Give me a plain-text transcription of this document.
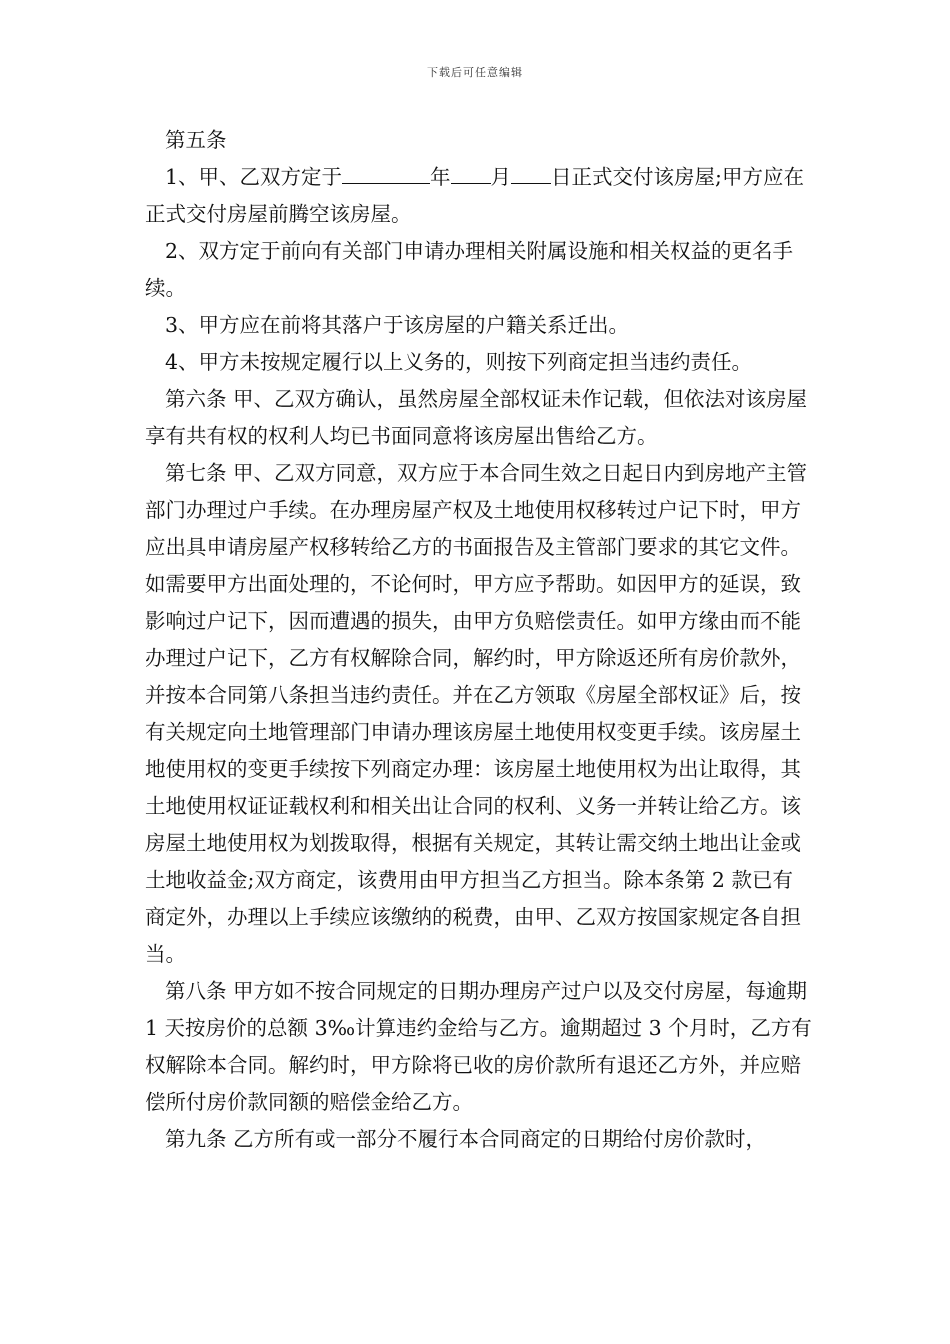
下载后可任意编辑

第五条

1、甲、乙双方定于	年 月 日正式交付该房屋;甲方应在正式交付房屋前腾空该房屋。

2、双方定于前向有关部门申请办理相关附属设施和相关权益的更名手续。

3、甲方应在前将其落户于该房屋的户籍关系迁出。

4、甲方未按规定履行以上义务的，则按下列商定担当违约责任。

第六条 甲、乙双方确认，虽然房屋全部权证未作记载，但依法对该房屋享有共有权的权利人均已书面同意将该房屋出售给乙方。

第七条 甲、乙双方同意，双方应于本合同生效之日起日内到房地产主管部门办理过户手续。在办理房屋产权及土地使用权移转过户记下时，甲方应出具申请房屋产权移转给乙方的书面报告及主管部门要求的其它文件。如需要甲方出面处理的，不论何时，甲方应予帮助。如因甲方的延误，致影响过户记下，因而遭遇的损失，由甲方负赔偿责任。如甲方缘由而不能办理过户记下，乙方有权解除合同，解约时，甲方除返还所有房价款外，并按本合同第八条担当违约责任。并在乙方领取《房屋全部权证》后，按有关规定向土地管理部门申请办理该房屋土地使用权变更手续。该房屋土地使用权的变更手续按下列商定办理：该房屋土地使用权为出让取得，其土地使用权证证载权利和相关出让合同的权利、义务一并转让给乙方。该房屋土地使用权为划拨取得，根据有关规定，其转让需交纳土地出让金或土地收益金;双方商定，该费用由甲方担当乙方担当。除本条第 2 款已有商定外，办理以上手续应该缴纳的税费，由甲、乙双方按国家规定各自担当。

第八条 甲方如不按合同规定的日期办理房产过户以及交付房屋，每逾期 1 天按房价的总额 3‰计算违约金给与乙方。逾期超过 3 个月时，乙方有权解除本合同。解约时，甲方除将已收的房价款所有退还乙方外，并应赔偿所付房价款同额的赔偿金给乙方。

第九条 乙方所有或一部分不履行本合同商定的日期给付房价款时，
